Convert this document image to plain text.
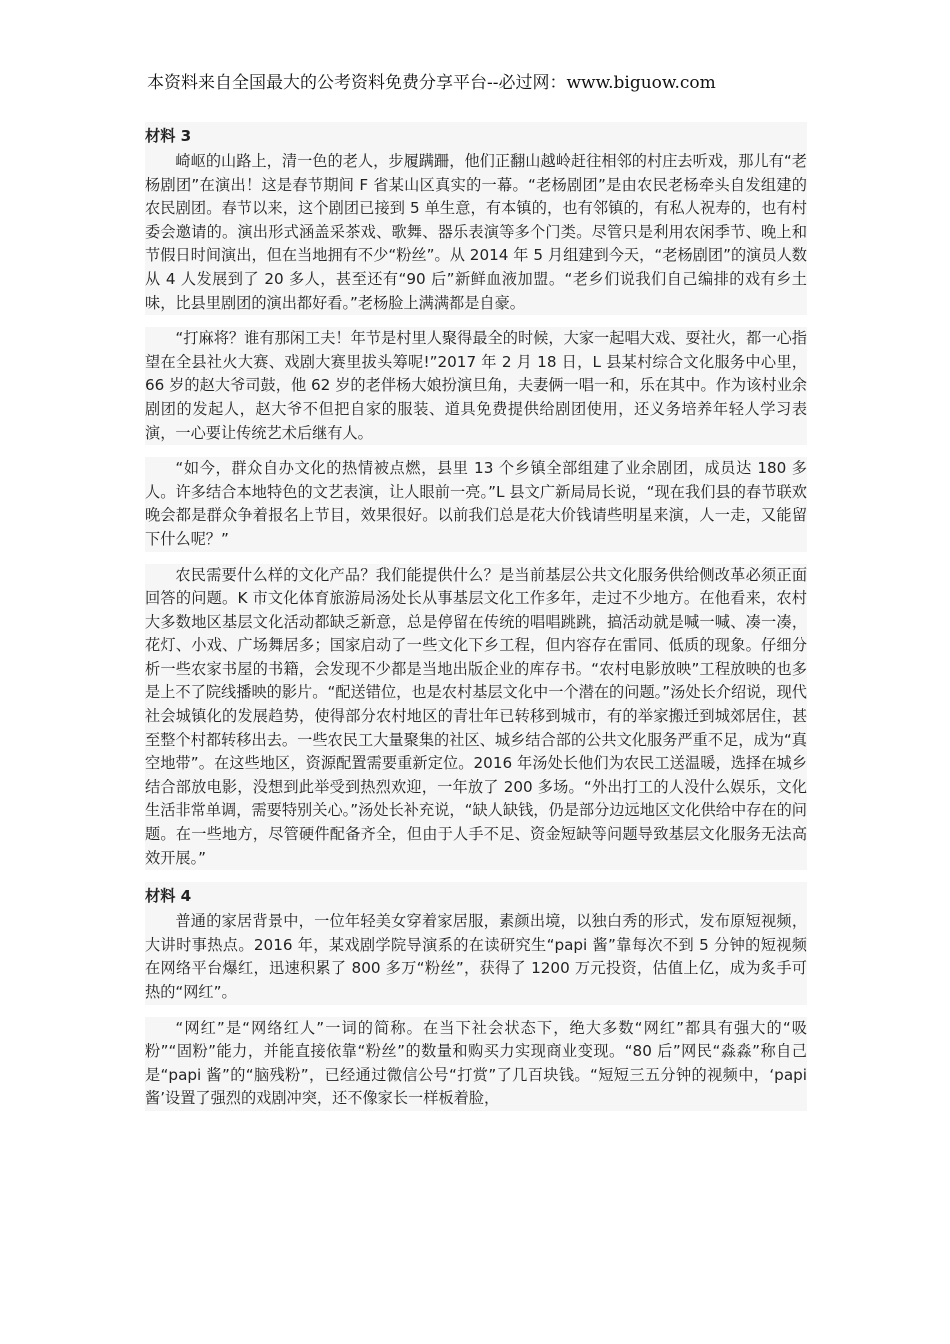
本资料来自全国最大的公考资料免费分享平台--必过网：www.biguow.com
材料 3

崎岖的山路上，清一色的老人，步履蹒跚，他们正翻山越岭赶往相邻的村庄去听戏，那儿有“老杨剧团”在演出！这是春节期间 F 省某山区真实的一幕。“老杨剧团”是由农民老杨牵头自发组建的农民剧团。春节以来，这个剧团已接到 5 单生意，有本镇的，也有邻镇的，有私人祝寿的，也有村委会邀请的。演出形式涵盖采茶戏、歌舞、器乐表演等多个门类。尽管只是利用农闲季节、晚上和节假日时间演出，但在当地拥有不少“粉丝”。从 2014 年 5 月组建到今天，“老杨剧团”的演员人数从 4 人发展到了 20 多人，甚至还有“90 后”新鲜血液加盟。“老乡们说我们自己编排的戏有乡土味，比县里剧团的演出都好看。”老杨脸上满满都是自豪。

“打麻将？谁有那闲工夫！年节是村里人聚得最全的时候，大家一起唱大戏、耍社火，都一心指望在全县社火大赛、戏剧大赛里拔头筹呢!”2017 年 2 月 18 日，L 县某村综合文化服务中心里，66 岁的赵大爷司鼓，他 62 岁的老伴杨大娘扮演旦角，夫妻俩一唱一和，乐在其中。作为该村业余剧团的发起人，赵大爷不但把自家的服装、道具免费提供给剧团使用，还义务培养年轻人学习表演，一心要让传统艺术后继有人。

“如今，群众自办文化的热情被点燃，县里 13 个乡镇全部组建了业余剧团，成员达 180 多人。许多结合本地特色的文艺表演，让人眼前一亮。”L 县文广新局局长说，“现在我们县的春节联欢晚会都是群众争着报名上节目，效果很好。以前我们总是花大价钱请些明星来演，人一走，又能留下什么呢？”

农民需要什么样的文化产品？我们能提供什么？是当前基层公共文化服务供给侧改革必须正面回答的问题。K 市文化体育旅游局汤处长从事基层文化工作多年，走过不少地方。在他看来，农村大多数地区基层文化活动都缺乏新意，总是停留在传统的唱唱跳跳，搞活动就是喊一喊、凑一凑，花灯、小戏、广场舞居多；国家启动了一些文化下乡工程，但内容存在雷同、低质的现象。仔细分析一些农家书屋的书籍，会发现不少都是当地出版企业的库存书。“农村电影放映”工程放映的也多是上不了院线播映的影片。“配送错位，也是农村基层文化中一个潜在的问题。”汤处长介绍说，现代社会城镇化的发展趋势，使得部分农村地区的青壮年已转移到城市，有的举家搬迁到城郊居住，甚至整个村都转移出去。一些农民工大量聚集的社区、城乡结合部的公共文化服务严重不足，成为“真空地带”。在这些地区，资源配置需要重新定位。2016 年汤处长他们为农民工送温暖，选择在城乡结合部放电影，没想到此举受到热烈欢迎，一年放了 200 多场。“外出打工的人没什么娱乐，文化生活非常单调，需要特别关心。”汤处长补充说，“缺人缺钱，仍是部分边远地区文化供给中存在的问题。在一些地方，尽管硬件配备齐全，但由于人手不足、资金短缺等问题导致基层文化服务无法高效开展。”

材料 4

普通的家居背景中，一位年轻美女穿着家居服，素颜出境，以独白秀的形式，发布原短视频，大讲时事热点。2016 年，某戏剧学院导演系的在读研究生“papi 酱”靠每次不到 5 分钟的短视频在网络平台爆红，迅速积累了 800 多万“粉丝”，获得了 1200 万元投资，估值上亿，成为炙手可热的“网红”。

“网红”是“网络红人”一词的简称。在当下社会状态下，绝大多数“网红”都具有强大的“吸粉”“固粉”能力，并能直接依靠“粉丝”的数量和购买力实现商业变现。“80 后”网民“淼淼”称自己是“papi 酱”的“脑残粉”，已经通过微信公号“打赏”了几百块钱。“短短三五分钟的视频中，‘papi 酱’设置了强烈的戏剧冲突，还不像家长一样板着脸，
